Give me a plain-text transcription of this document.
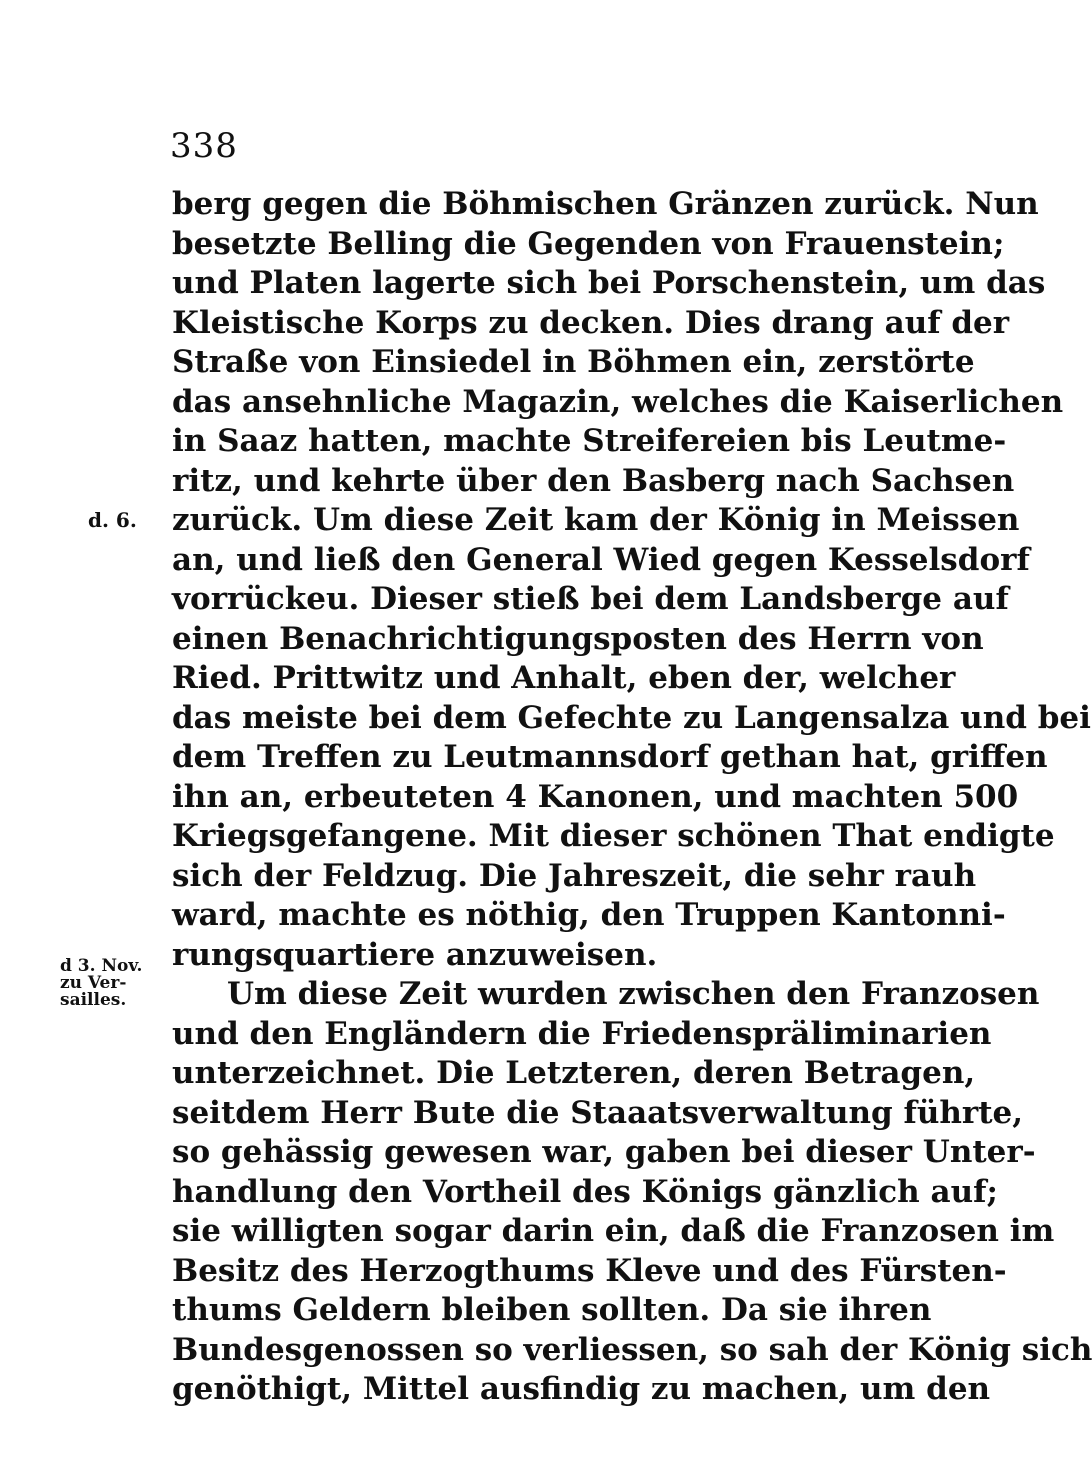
338
d. 6.
d 3. Nov.
zu Ver-
sailles.
berg gegen die Böhmischen Gränzen zurück. Nun
besetzte Belling die Gegenden von Frauenstein;
und Platen lagerte sich bei Porschenstein, um das
Kleistische Korps zu decken. Dies drang auf der
Straße von Einsiedel in Böhmen ein, zerstörte
das ansehnliche Magazin, welches die Kaiserlichen
in Saaz hatten, machte Streifereien bis Leutme-
ritz, und kehrte über den Basberg nach Sachsen
zurück. Um diese Zeit kam der König in Meissen
an, und ließ den General Wied gegen Kesselsdorf
vorrückeu. Dieser stieß bei dem Landsberge auf
einen Benachrichtigungsposten des Herrn von
Ried. Prittwitz und Anhalt, eben der, welcher
das meiste bei dem Gefechte zu Langensalza und bei
dem Treffen zu Leutmannsdorf gethan hat, griffen
ihn an, erbeuteten 4 Kanonen, und machten 500
Kriegsgefangene. Mit dieser schönen That endigte
sich der Feldzug. Die Jahreszeit, die sehr rauh
ward, machte es nöthig, den Truppen Kantonni-
rungsquartiere anzuweisen.
Um diese Zeit wurden zwischen den Franzosen
und den Engländern die Friedenspräliminarien
unterzeichnet. Die Letzteren, deren Betragen,
seitdem Herr Bute die Staaatsverwaltung führte,
so gehässig gewesen war, gaben bei dieser Unter-
handlung den Vortheil des Königs gänzlich auf;
sie willigten sogar darin ein, daß die Franzosen im
Besitz des Herzogthums Kleve und des Fürsten-
thums Geldern bleiben sollten. Da sie ihren
Bundesgenossen so verliessen, so sah der König sich
genöthigt, Mittel ausfindig zu machen, um den
